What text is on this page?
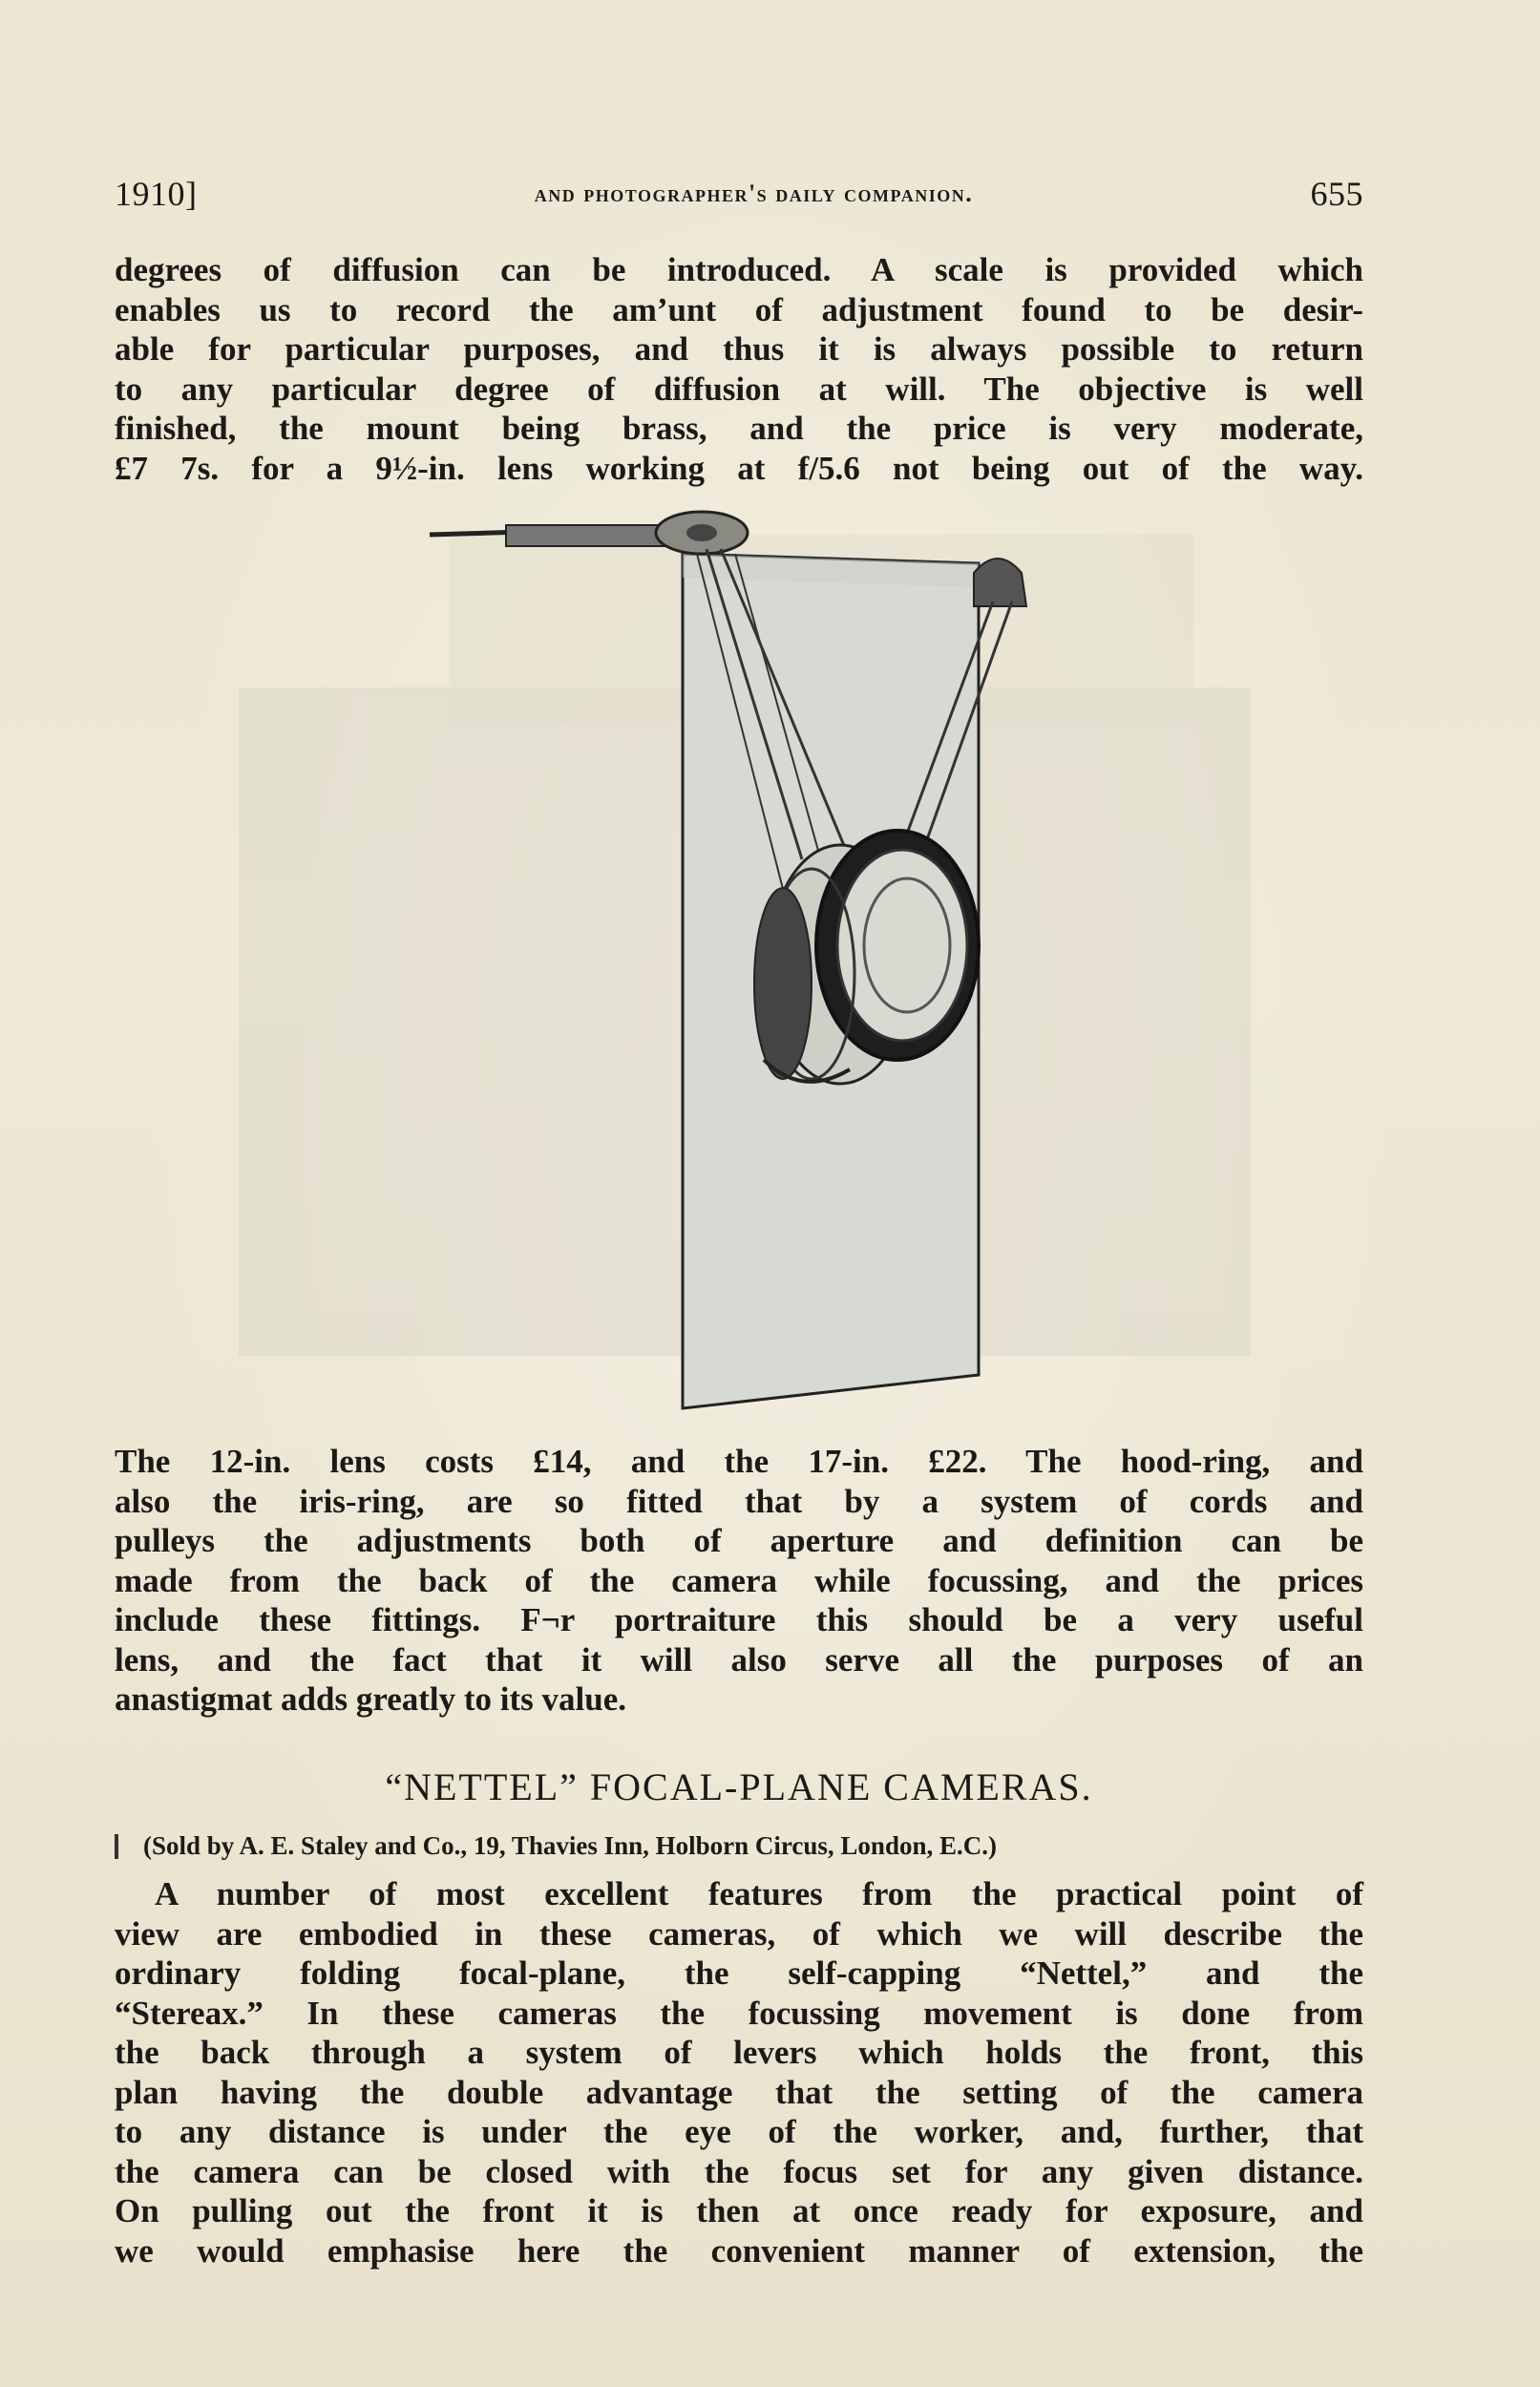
1910]	and photographer's daily companion.	655
degrees of diffusion can be introduced. A scale is provided which
enables us to record the am’unt of adjustment found to be desir-
able for particular purposes, and thus it is always possible to return
to any particular degree of diffusion at will. The objective is well
finished, the mount being brass, and the price is very moderate,
£7 7s. for a 9½-in. lens working at f/5.6 not being out of the way.
The 12-in. lens costs £14, and the 17-in. £22. The hood-ring, and
also the iris-ring, are so fitted that by a system of cords and
pulleys the adjustments both of aperture and definition can be
made from the back of the camera while focussing, and the prices
include these fittings. F¬r portraiture this should be a very useful
lens, and the fact that it will also serve all the purposes of an
anastigmat adds greatly to its value.
“NETTEL” FOCAL-PLANE CAMERAS.
(Sold by A. E. Staley and Co., 19, Thavies Inn, Holborn Circus, London, E.C.)
A number of most excellent features from the practical point of
view are embodied in these cameras, of which we will describe the
ordinary folding focal-plane, the self-capping “Nettel,” and the
“Stereax.” In these cameras the focussing movement is done from
the back through a system of levers which holds the front, this
plan having the double advantage that the setting of the camera
to any distance is under the eye of the worker, and, further, that
the camera can be closed with the focus set for any given distance.
On pulling out the front it is then at once ready for exposure, and
we would emphasise here the convenient manner of extension, the
